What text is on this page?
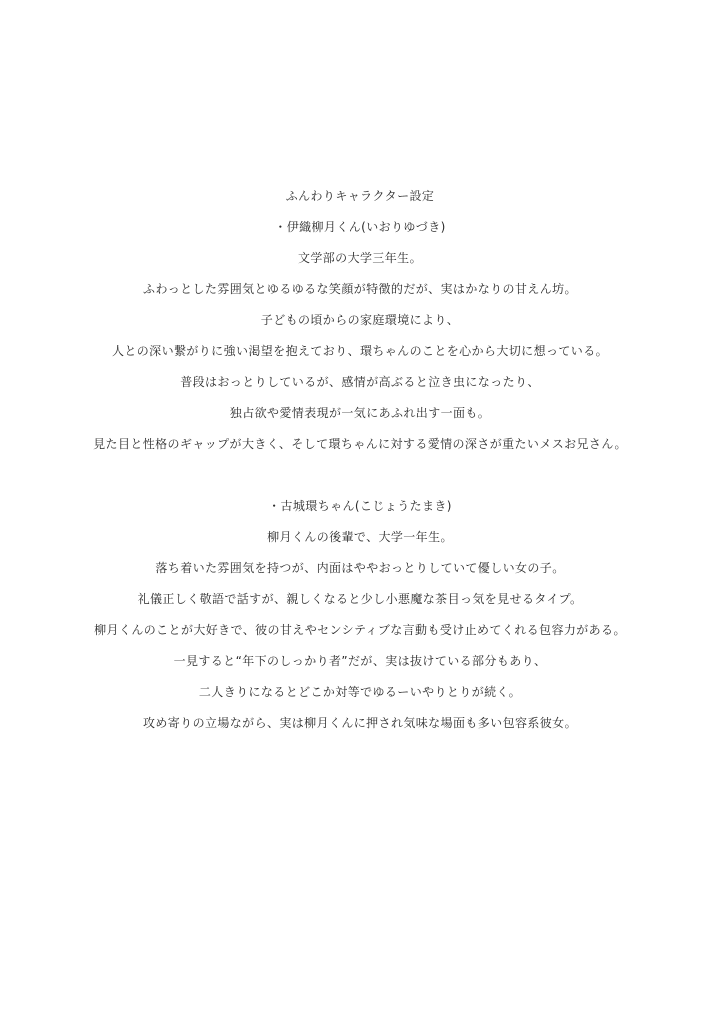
ふんわりキャラクター設定
・伊織柳月くん(いおりゆづき)
文学部の大学三年生。
ふわっとした雰囲気とゆるゆるな笑顔が特徴的だが、実はかなりの甘えん坊。
子どもの頃からの家庭環境により、
人との深い繋がりに強い渇望を抱えており、環ちゃんのことを心から大切に想っている。
普段はおっとりしているが、感情が高ぶると泣き虫になったり、
独占欲や愛情表現が一気にあふれ出す一面も。
見た目と性格のギャップが大きく、そして環ちゃんに対する愛情の深さが重たいメスお兄さん。
・古城環ちゃん(こじょうたまき)
柳月くんの後輩で、大学一年生。
落ち着いた雰囲気を持つが、内面はややおっとりしていて優しい女の子。
礼儀正しく敬語で話すが、親しくなると少し小悪魔な茶目っ気を見せるタイプ。
柳月くんのことが大好きで、彼の甘えやセンシティブな言動も受け止めてくれる包容力がある。
一見すると“年下のしっかり者”だが、実は抜けている部分もあり、
二人きりになるとどこか対等でゆるーいやりとりが続く。
攻め寄りの立場ながら、実は柳月くんに押され気味な場面も多い包容系彼女。
